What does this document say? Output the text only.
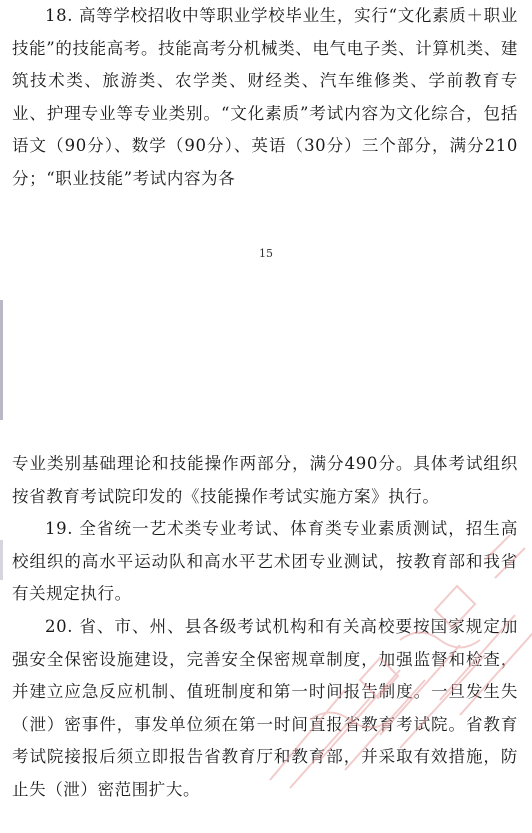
18. 高等学校招收中等职业学校毕业生，实行“文化素质＋职业技能”的技能高考。技能高考分机械类、电气电子类、计算机类、建筑技术类、旅游类、农学类、财经类、汽车维修类、学前教育专业、护理专业等专业类别。“文化素质”考试内容为文化综合，包括语文（90分）、数学（90分）、英语（30分）三个部分，满分210分；“职业技能”考试内容为各

15

专业类别基础理论和技能操作两部分，满分490分。具体考试组织按省教育考试院印发的《技能操作考试实施方案》执行。

19. 全省统一艺术类专业考试、体育类专业素质测试，招生高校组织的高水平运动队和高水平艺术团专业测试，按教育部和我省有关规定执行。

20. 省、市、州、县各级考试机构和有关高校要按国家规定加强安全保密设施建设，完善安全保密规章制度，加强监督和检查，并建立应急反应机制、值班制度和第一时间报告制度。一旦发生失（泄）密事件，事发单位须在第一时间直报省教育考试院。省教育考试院接报后须立即报告省教育厅和教育部，并采取有效措施，防止失（泄）密范围扩大。
